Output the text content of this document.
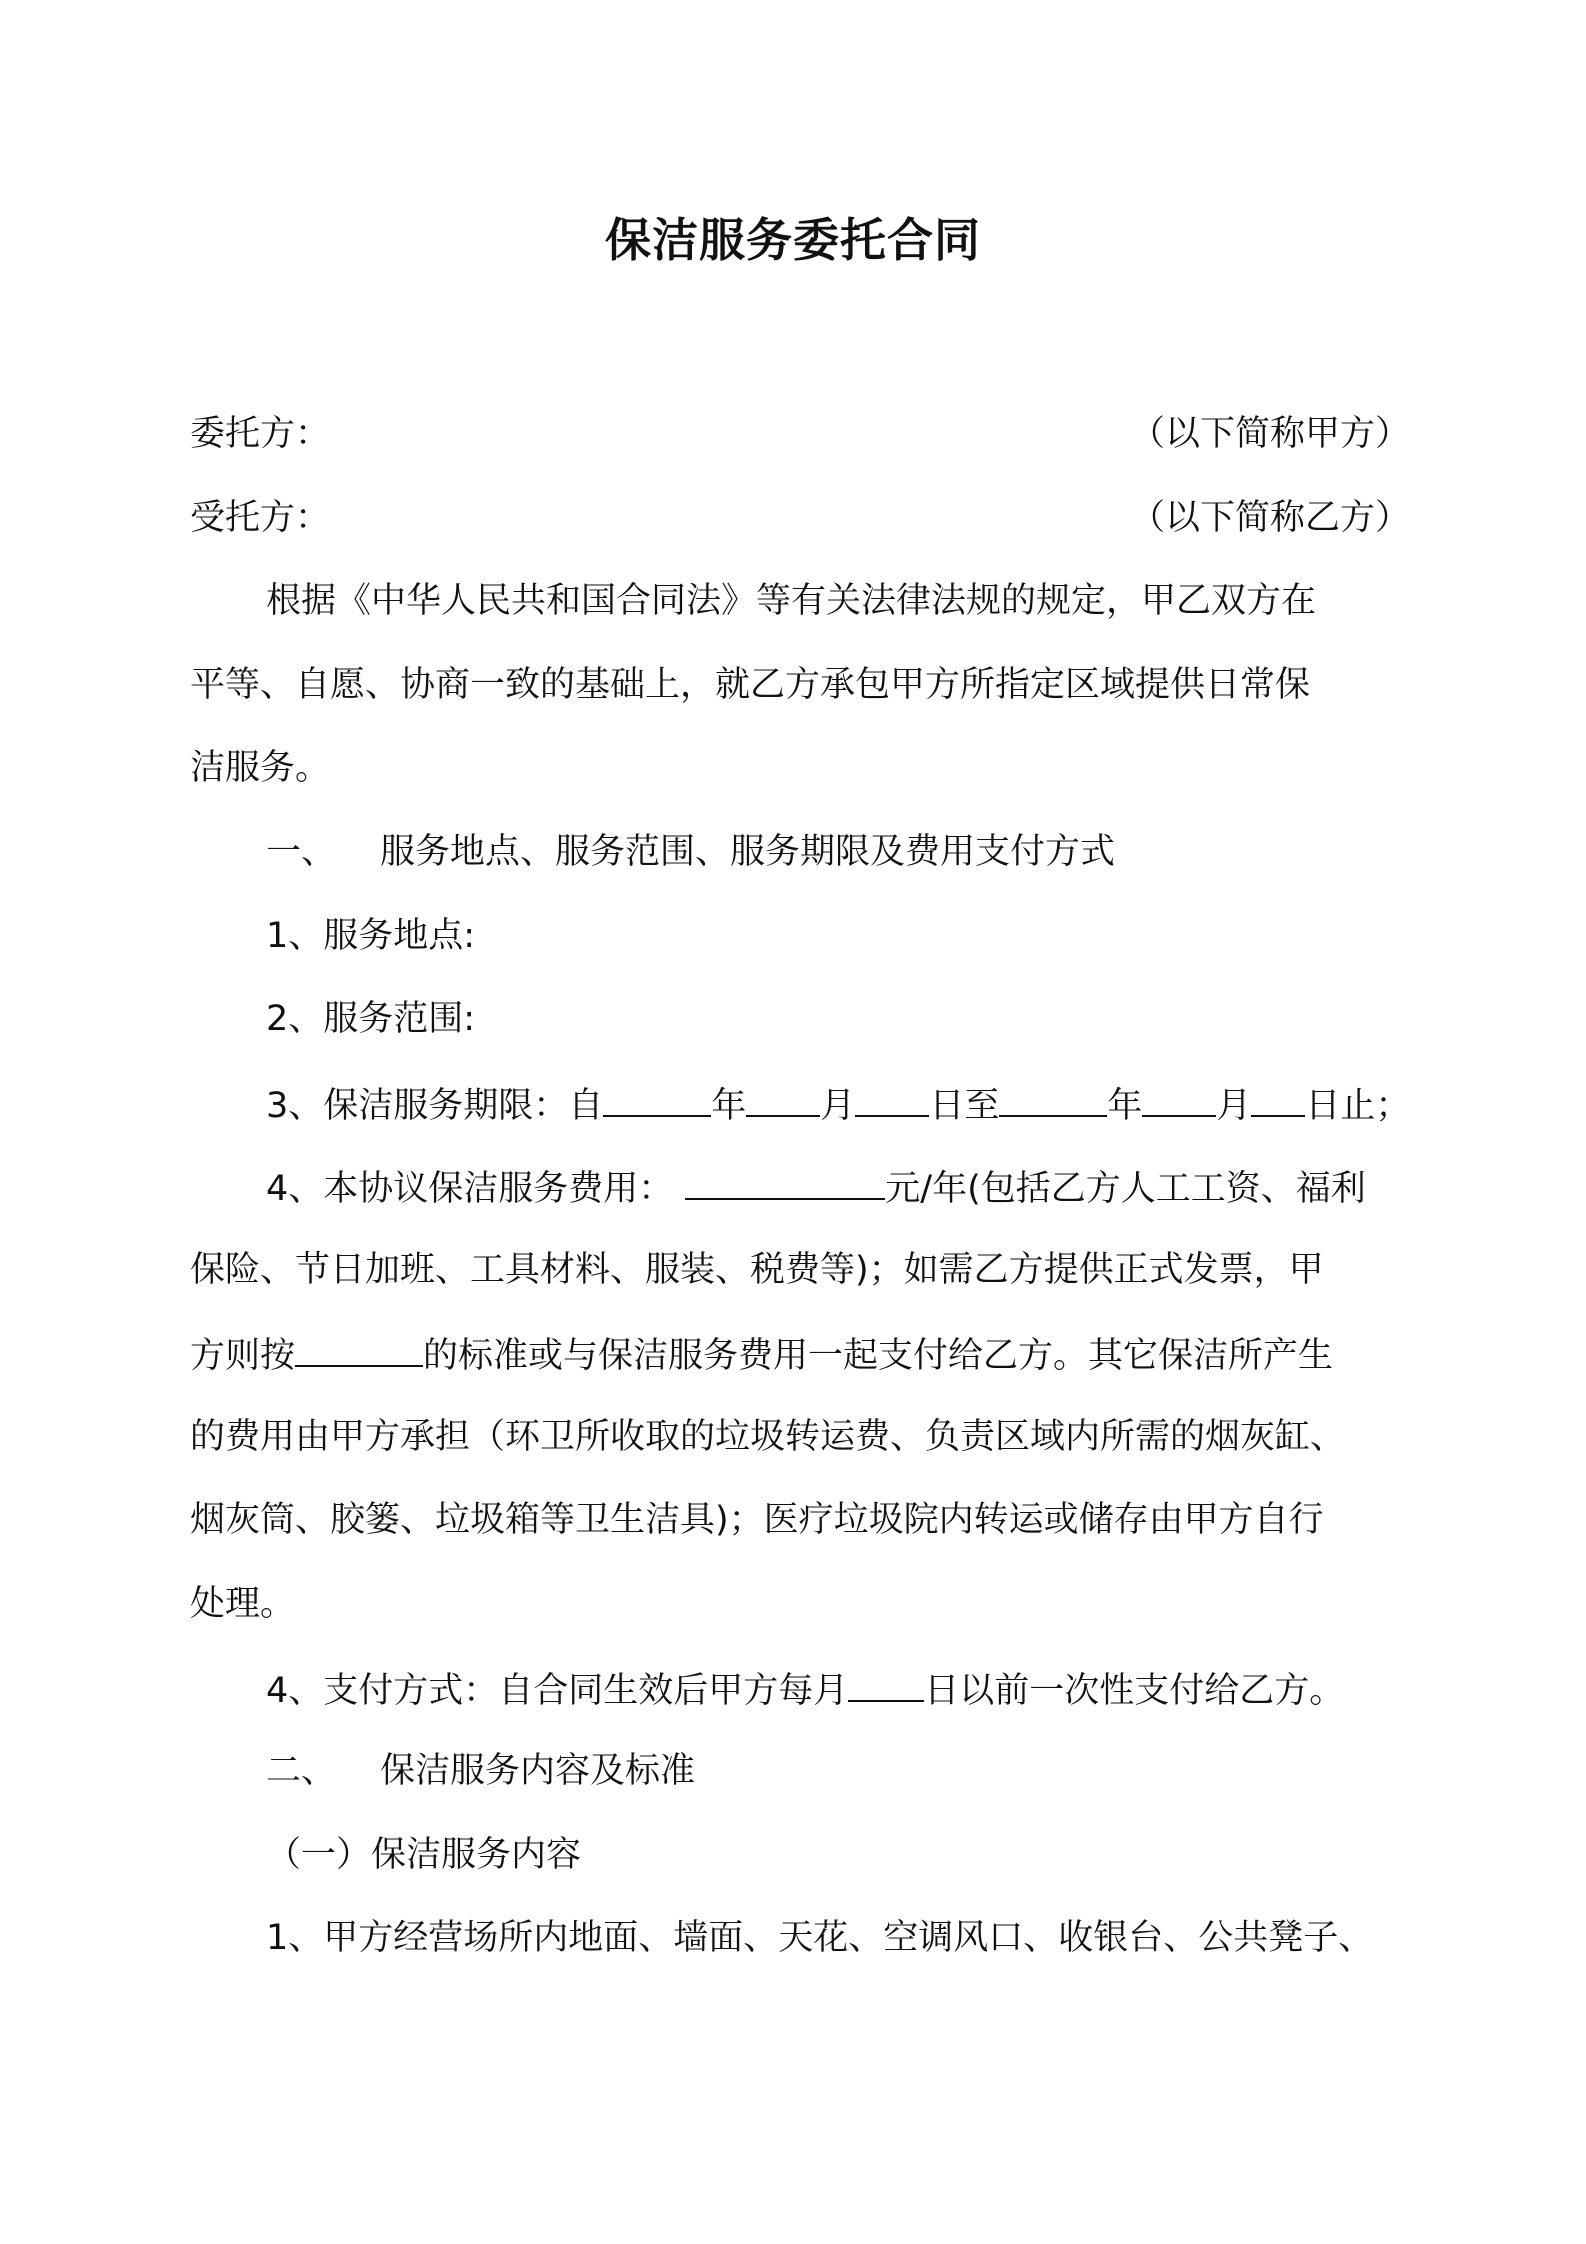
保洁服务委托合同
委托方：	（以下简称甲方）
受托方：	（以下简称乙方）
根据《中华人民共和国合同法》等有关法律法规的规定，甲乙双方在
平等、自愿、协商一致的基础上，就乙方承包甲方所指定区域提供日常保
洁服务。
一、 服务地点、服务范围、服务期限及费用支付方式
1、服务地点:
2、服务范围:
3、保洁服务期限：自	年 月 日至	年 月 日止；
4、本协议保洁服务费用：	元/年(包括乙方人工工资、福利
保险、节日加班、工具材料、服装、税费等)；如需乙方提供正式发票，甲
方则按	的标准或与保洁服务费用一起支付给乙方。其它保洁所产生
的费用由甲方承担（环卫所收取的垃圾转运费、负责区域内所需的烟灰缸、
烟灰筒、胶篓、垃圾箱等卫生洁具)；医疗垃圾院内转运或储存由甲方自行
处理。
4、支付方式：自合同生效后甲方每月 日以前一次性支付给乙方。
二、 保洁服务内容及标准
（一）保洁服务内容
1、甲方经营场所内地面、墙面、天花、空调风口、收银台、公共凳子、
